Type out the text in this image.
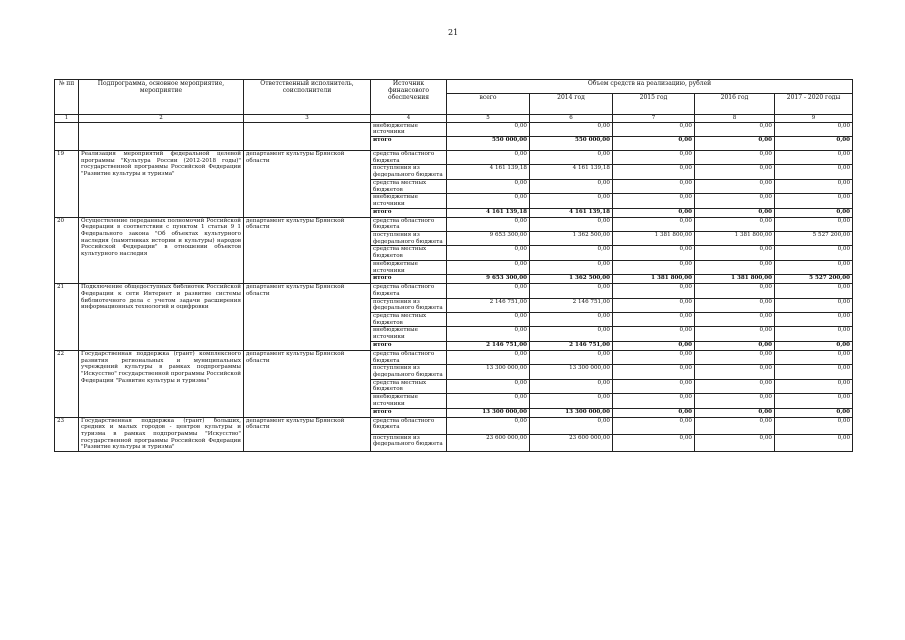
21
№ пп	Подпрограмма, основное мероприятие, мероприятие	Ответственный исполнитель, соисполнители	Источник финансового обеспечения	Объем средств на реализацию, рублей				
				всего	2014 год	2015 год	2016 год	2017 - 2020 годы
1	2	3	4	5	6	7	8	9
			внебюджетные источники	0,00	0,00	0,00	0,00	0,00
			итого	550 000,00	550 000,00	0,00	0,00	0,00
19	Реализация мероприятий федеральной целевой программы "Культура России (2012-2018 годы)" государственной программы Российской Федерации "Развитие культуры и туризма"	департамент культуры Брянской области	средства областного бюджета	0,00	0,00	0,00	0,00	0,00
			поступления из федерального бюджета	4 161 139,18	4 161 139,18	0,00	0,00	0,00
			средства местных бюджетов	0,00	0,00	0,00	0,00	0,00
			внебюджетные источники	0,00	0,00	0,00	0,00	0,00
			итого	4 161 139,18	4 161 139,18	0,00	0,00	0,00
20	Осуществление переданных полномочий Российской Федерации в соответствии с пунктом 1 статьи 9 1 Федерального закона "Об объектах культурного наследия (памятниках истории и культуры) народов Российской Федерации" в отношении объектов культурного наследия	департамент культуры Брянской области	средства областного бюджета	0,00	0,00	0,00	0,00	0,00
			поступления из федерального бюджета	9 653 300,00	1 362 500,00	1 381 800,00	1 381 800,00	5 527 200,00
			средства местных бюджетов	0,00	0,00	0,00	0,00	0,00
			внебюджетные источники	0,00	0,00	0,00	0,00	0,00
			итого	9 653 300,00	1 362 500,00	1 381 800,00	1 381 800,00	5 527 200,00
21	Подключение общедоступных библиотек Российской Федерации к сети Интернет и развитие системы библиотечного дела с учетом задачи расширения информационных технологий и оцифровки	департамент культуры Брянской области	средства областного бюджета	0,00	0,00	0,00	0,00	0,00
			поступления из федерального бюджета	2 146 751,00	2 146 751,00	0,00	0,00	0,00
			средства местных бюджетов	0,00	0,00	0,00	0,00	0,00
			внебюджетные источники	0,00	0,00	0,00	0,00	0,00
			итого	2 146 751,00	2 146 751,00	0,00	0,00	0,00
22	Государственная поддержка (грант) комплексного развития региональных и муниципальных учреждений культуры в рамках подпрограммы "Искусство" государственной программы Российской Федерации "Развитие культуры и туризма"	департамент культуры Брянской области	средства областного бюджета	0,00	0,00	0,00	0,00	0,00
			поступления из федерального бюджета	13 300 000,00	13 300 000,00	0,00	0,00	0,00
			средства местных бюджетов	0,00	0,00	0,00	0,00	0,00
			внебюджетные источники	0,00	0,00	0,00	0,00	0,00
			итого	13 300 000,00	13 300 000,00	0,00	0,00	0,00
23	Государственная поддержка (грант) больших, средних и малых городов - центров культуры и туризма в рамках подпрограммы "Искусство" государственной программы Российской Федерации "Развитие культуры и туризма"	департамент культуры Брянской области	средства областного бюджета	0,00	0,00	0,00	0,00	0,00
			поступления из федерального бюджета	23 600 000,00	23 600 000,00	0,00	0,00	0,00
